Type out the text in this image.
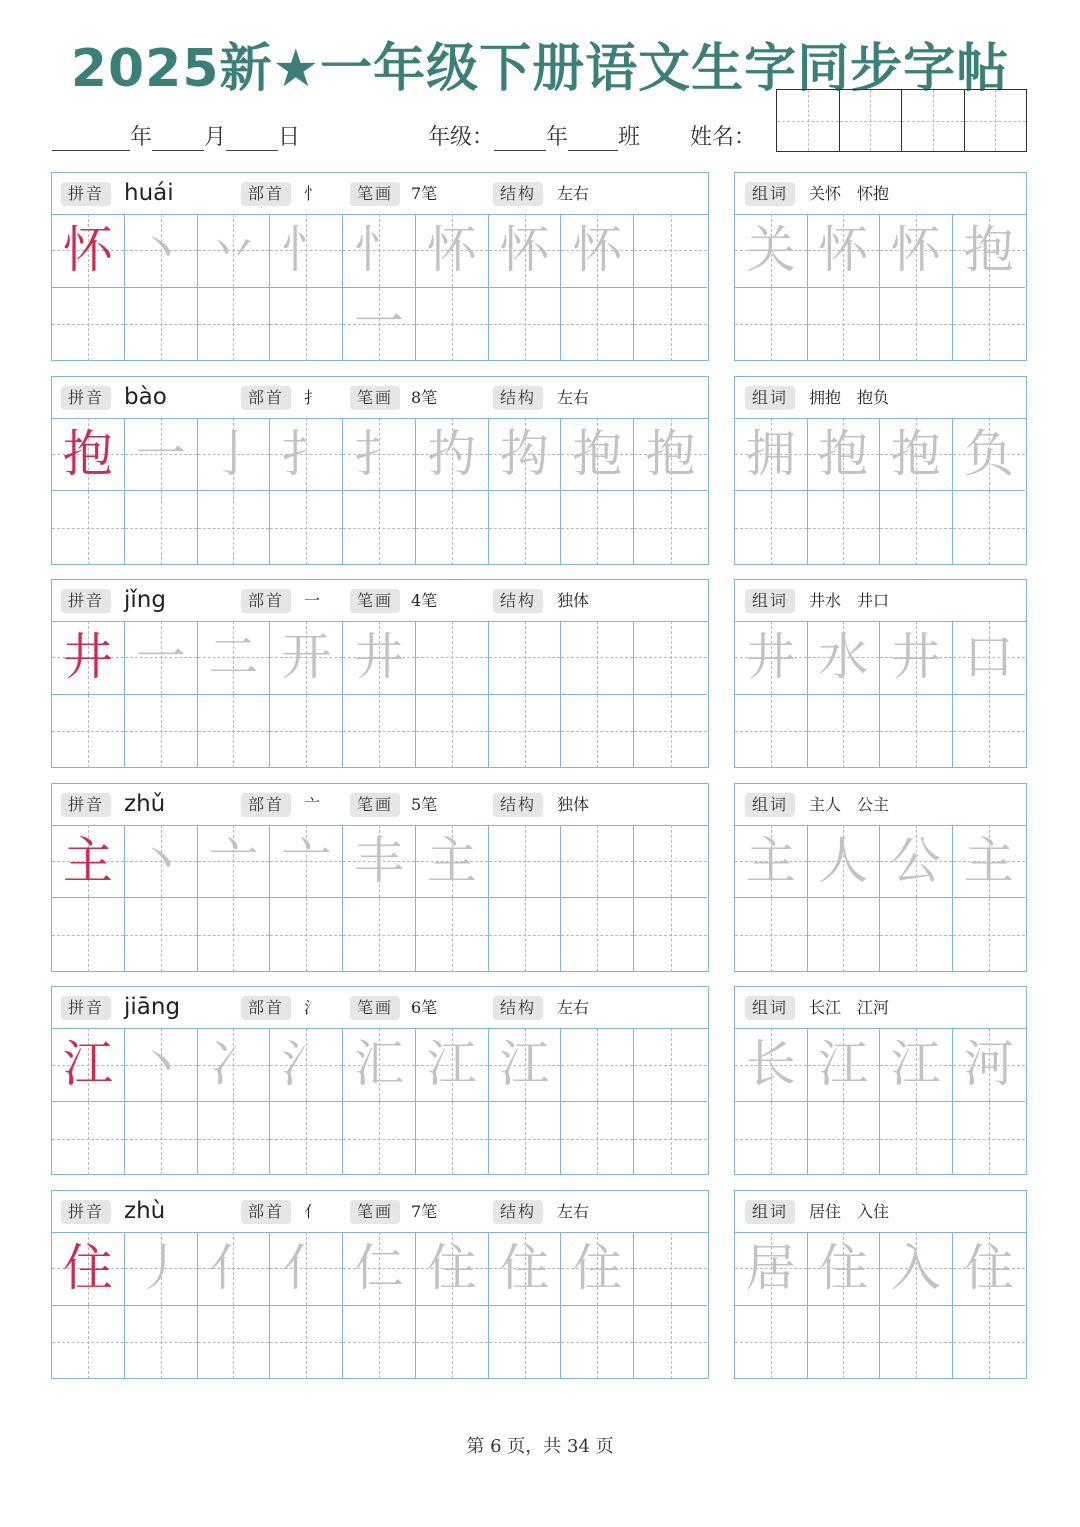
2025新★一年级下册语文生字同步字帖
年 月 日	年级： 年 班 姓名：
拼音 huái	部首	忄	笔画	7笔	结构	左右
怀 丶 丷 忄 忄一
怀 怀 怀
组词	关怀　怀抱
关 怀 怀 抱
拼音 bào	部首	扌	笔画	8笔	结构	左右
抱 一 亅 扌 扌 扚 抅 抱 抱
组词	拥抱　抱负
拥 抱 抱 负
拼音 jǐng	部首	一	笔画	4笔	结构	独体
井 一 二 开 井
组词	井水　井口
井 水 井 口
拼音 zhǔ	部首	亠	笔画	5笔	结构	独体
主 丶 亠 亠 丰 主
组词	主人　公主
主 人 公 主
拼音 jiāng	部首	氵	笔画	6笔	结构	左右
江 丶 冫 氵 汇 江 江
组词	长江　江河
长 江 江 河
拼音 zhù	部首	亻	笔画	7笔	结构	左右
住 丿 亻 亻 仁 住 住 住
组词	居住　入住
居 住 入 住
第 6 页，共 34 页
